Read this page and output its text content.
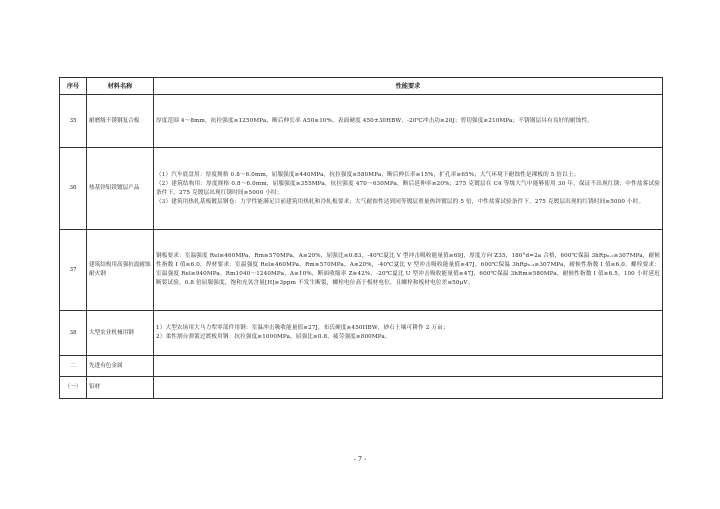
序号	材料名称	性能要求
35	耐磨级不锈钢复合板	厚度范围 4～8mm，抗拉强度≥1250MPa，断后伸长率 A50≥10%，表面硬度 450±30HBW，-20℃冲击功≥20J；剪切强度≥210MPa；不锈钢层具有良好的耐蚀性。

36	热基锌铝镁镀层产品	（1）汽车底盘用：厚度规格 0.8～6.0mm，屈服强度≥440MPa，抗拉强度≥580MPa，断后伸长率≥15%，扩孔率≥65%；大气环境下耐蚀性是裸板的 5 倍以上；
（2）建筑结构用：厚度规格 0.8～6.0mm，屈服强度≥355MPa，抗拉强度 470～630MPa，断后延伸率≥20%；275 克镀层在 C4 等级大气中能够使用 30 年，保证不出现红锈；中性盐雾试验条件下，275 克镀层出现红锈时间≥5000 小时；
（3）建筑用热轧基板镀层钢卷：力学性能满足目前建筑用热轧和冷轧板要求；大气耐蚀性达到同等镀层重量热锌镀层的 5 倍，中性盐雾试验条件下，275 克镀层出现的红锈时间≥5000 小时。

37	建筑结构用高强抗震耐蚀耐火钢	钢板要求：室温强度 Rel≥460MPa，Rm≥570MPa，A≥20%，屈强比≤0.83，-40℃夏比 V 型冲击吸收能量值≥69J，厚度方向 Z35，180°d=2a 合格，600℃保温 3hRp₀.₂≥307MPa，耐候性指数 I 值≥6.0。焊材要求：室温强度 Rel≥460MPa，Rm≥570MPa，A≥20%，-40℃夏比 V 型冲击吸收能量值≥47J，600℃保温 3hRp₀.₂≥307MPa，耐候性指数 I 值≥6.0。螺栓要求：室温强度 Rel≥940MPa，Rm1040～1240MPa，A≥10%，断面收缩率 Z≥42%，-20℃夏比 U 型冲击吸收能量值≥47J，600℃保温 3hRm≥580MPa，耐候性指数 I 值≥6.5，100 小时延迟断裂试验，0.8 倍屈服强度，饱和充氢含量[H]≥3ppm 不发生断裂，螺栓电位高于板材电位，且螺栓和板材电位差≤50μV。

38	大型农业机械用钢	1）大型农场用大马力犁零部件用钢：室温冲击吸收能量值≥27J，布氏硬度≥450HBW，砂石土壤可耕作 2 万亩；
2）柔性割台弹簧过渡板用钢：抗拉强度≥1000MPa，屈强比≥0.8，疲劳强度≥800MPa。

二	先进有色金属	
（一）	铝材	
- 7 -
